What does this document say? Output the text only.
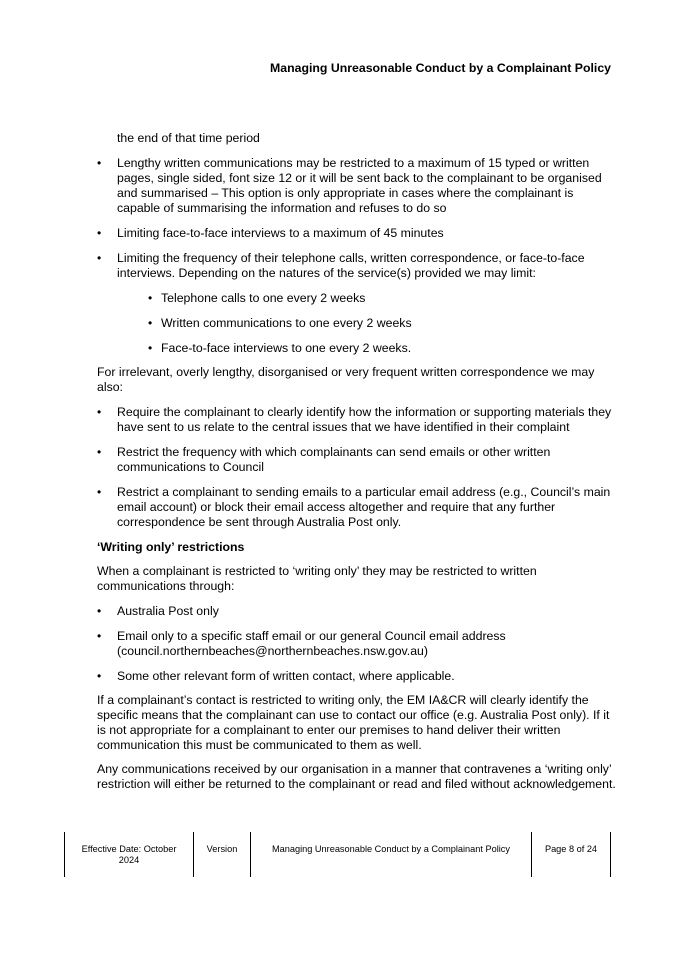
Managing Unreasonable Conduct by a Complainant Policy

the end of that time period

• Lengthy written communications may be restricted to a maximum of 15 typed or written pages, single sided, font size 12 or it will be sent back to the complainant to be organised and summarised – This option is only appropriate in cases where the complainant is capable of summarising the information and refuses to do so
• Limiting face-to-face interviews to a maximum of 45 minutes
• Limiting the frequency of their telephone calls, written correspondence, or face-to-face interviews. Depending on the natures of the service(s) provided we may limit:
• Telephone calls to one every 2 weeks
• Written communications to one every 2 weeks
• Face-to-face interviews to one every 2 weeks.

For irrelevant, overly lengthy, disorganised or very frequent written correspondence we may also:

• Require the complainant to clearly identify how the information or supporting materials they have sent to us relate to the central issues that we have identified in their complaint
• Restrict the frequency with which complainants can send emails or other written communications to Council
• Restrict a complainant to sending emails to a particular email address (e.g., Council’s main email account) or block their email access altogether and require that any further correspondence be sent through Australia Post only.

‘Writing only’ restrictions

When a complainant is restricted to ‘writing only’ they may be restricted to written communications through:

• Australia Post only
• Email only to a specific staff email or our general Council email address (council.northernbeaches@northernbeaches.nsw.gov.au)
• Some other relevant form of written contact, where applicable.

If a complainant’s contact is restricted to writing only, the EM IA&CR will clearly identify the specific means that the complainant can use to contact our office (e.g. Australia Post only). If it is not appropriate for a complainant to enter our premises to hand deliver their written communication this must be communicated to them as well.

Any communications received by our organisation in a manner that contravenes a ‘writing only’ restriction will either be returned to the complainant or read and filed without acknowledgement.

Effective Date: October 2024
Version	Managing Unreasonable Conduct by a Complainant Policy	Page 8 of 24
